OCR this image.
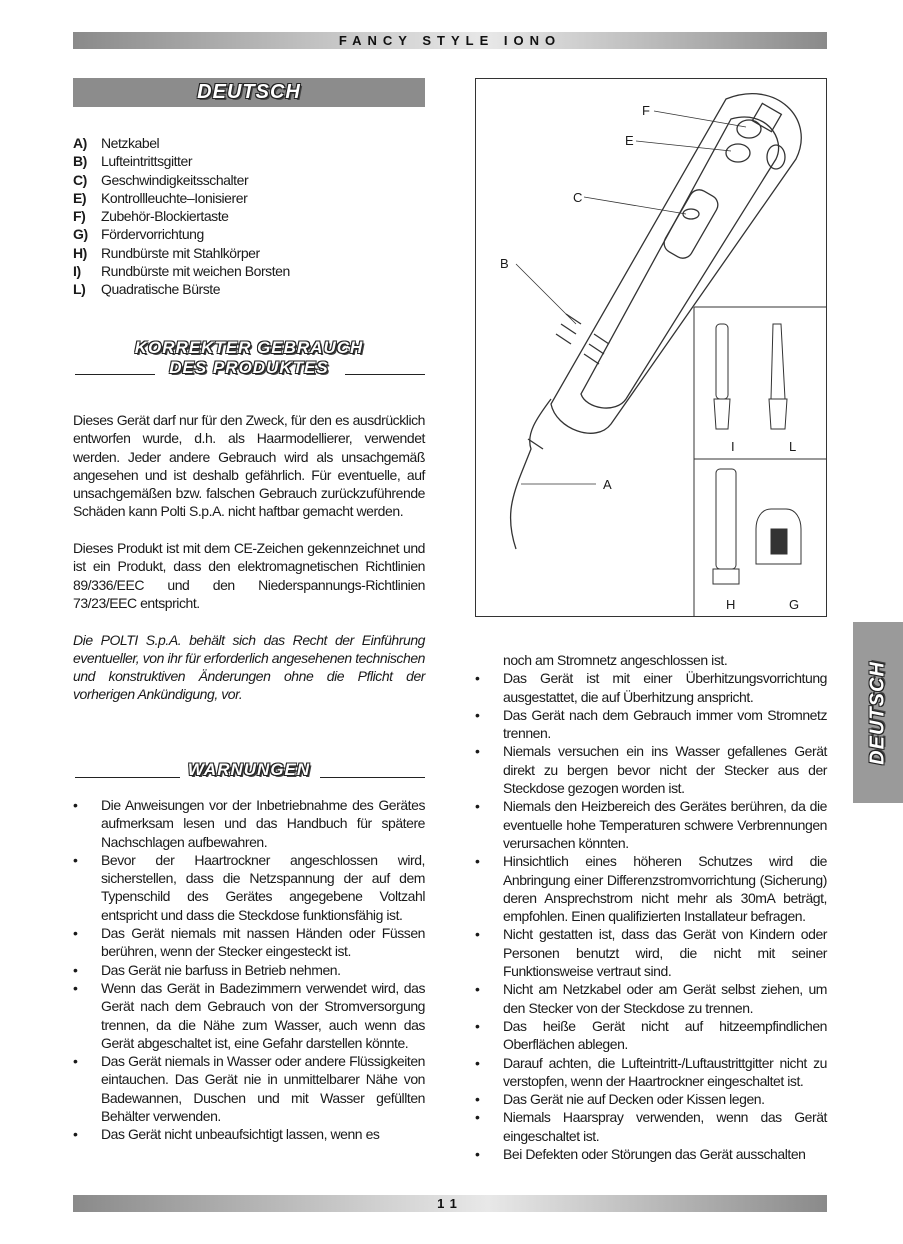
FANCY STYLE IONO
DEUTSCH
A)	Netzkabel
B)	Lufteintrittsgitter
C)	Geschwindigkeitsschalter
E)	Kontrollleuchte–Ionisierer
F)	Zubehör-Blockiertaste
G) Fördervorrichtung
H)	Rundbürste mit Stahlkörper
I)	Rundbürste mit weichen Borsten
L)	Quadratische Bürste
KORREKTER GEBRAUCH
DES PRODUKTES

Dieses Gerät darf nur für den Zweck, für den es ausdrücklich entworfen wurde, d.h. als Haarmodellierer, verwendet werden. Jeder andere Gebrauch wird als unsachgemäß angesehen und ist deshalb gefährlich. Für eventuelle, auf unsachgemäßen bzw. falschen Gebrauch zurückzuführende Schäden kann Polti S.p.A. nicht haftbar gemacht werden.

Dieses Produkt ist mit dem CE-Zeichen gekennzeichnet und ist ein Produkt, dass den elektromagnetischen Richtlinien 89/336/EEC und den Niederspannungs-Richtlinien 73/23/EEC entspricht.

Die POLTI S.p.A. behält sich das Recht der Einführung eventueller, von ihr für erforderlich angesehenen technischen und konstruktiven Änderungen ohne die Pflicht der vorherigen Ankündigung, vor.

WARNUNGEN
• Die Anweisungen vor der Inbetriebnahme des Gerätes aufmerksam lesen und das Handbuch für spätere Nachschlagen aufbewahren.
• Bevor der Haartrockner angeschlossen wird, sicherstellen, dass die Netzspannung der auf dem Typenschild des Gerätes angegebene Voltzahl entspricht und dass die Steckdose funktionsfähig ist.
• Das Gerät niemals mit nassen Händen oder Füssen berühren, wenn der Stecker eingesteckt ist.
• Das Gerät nie barfuss in Betrieb nehmen.
• Wenn das Gerät in Badezimmern verwendet wird, das Gerät nach dem Gebrauch von der Stromversorgung trennen, da die Nähe zum Wasser, auch wenn das Gerät abgeschaltet ist, eine Gefahr darstellen könnte.
• Das Gerät niemals in Wasser oder andere Flüssigkeiten eintauchen. Das Gerät nie in unmittelbarer Nähe von Badewannen, Duschen und mit Wasser gefüllten Behälter verwenden.
• Das Gerät nicht unbeaufsichtigt lassen, wenn es
noch am Stromnetz angeschlossen ist.
• Das Gerät ist mit einer Überhitzungsvorrichtung ausgestattet, die auf Überhitzung anspricht.
• Das Gerät nach dem Gebrauch immer vom Stromnetz trennen.
• Niemals versuchen ein ins Wasser gefallenes Gerät direkt zu bergen bevor nicht der Stecker aus der Steckdose gezogen worden ist.
• Niemals den Heizbereich des Gerätes berühren, da die eventuelle hohe Temperaturen schwere Verbrennungen verursachen könnten.
• Hinsichtlich eines höheren Schutzes wird die Anbringung einer Differenzstromvorrichtung (Sicherung) deren Ansprechstrom nicht mehr als 30mA beträgt, empfohlen. Einen qualifizierten Installateur befragen.
• Nicht gestatten ist, dass das Gerät von Kindern oder Personen benutzt wird, die nicht mit seiner Funktionsweise vertraut sind.
• Nicht am Netzkabel oder am Gerät selbst ziehen, um den Stecker von der Steckdose zu trennen.
• Das heiße Gerät nicht auf hitzeempfindlichen Oberflächen ablegen.
• Darauf achten, die Lufteintritt-/Luftaustrittgitter nicht zu verstopfen, wenn der Haartrockner eingeschaltet ist.
• Das Gerät nie auf Decken oder Kissen legen.
• Niemals Haarspray verwenden, wenn das Gerät eingeschaltet ist.
• Bei Defekten oder Störungen das Gerät ausschalten
F
E
C
B
A
I	L
H	G
DEUTSCH
11
